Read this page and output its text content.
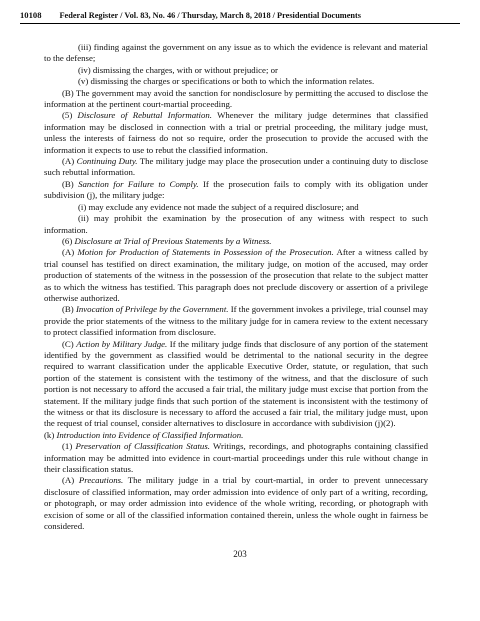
10108 Federal Register / Vol. 83, No. 46 / Thursday, March 8, 2018 / Presidential Documents

(iii) finding against the government on any issue as to which the evidence is relevant and material to the defense;

(iv) dismissing the charges, with or without prejudice; or

(v) dismissing the charges or specifications or both to which the information relates.

(B) The government may avoid the sanction for nondisclosure by permitting the accused to disclose the information at the pertinent court-martial proceeding.

(5) Disclosure of Rebuttal Information. Whenever the military judge determines that classified information may be disclosed in connection with a trial or pretrial proceeding, the military judge must, unless the interests of fairness do not so require, order the prosecution to provide the accused with the information it expects to use to rebut the classified information.

(A) Continuing Duty. The military judge may place the prosecution under a continuing duty to disclose such rebuttal information.

(B) Sanction for Failure to Comply. If the prosecution fails to comply with its obligation under subdivision (j), the military judge:

(i) may exclude any evidence not made the subject of a required disclosure; and

(ii) may prohibit the examination by the prosecution of any witness with respect to such information.

(6) Disclosure at Trial of Previous Statements by a Witness.

(A) Motion for Production of Statements in Possession of the Prosecution. After a witness called by trial counsel has testified on direct examination, the military judge, on motion of the accused, may order production of statements of the witness in the possession of the prosecution that relate to the subject matter as to which the witness has testified. This paragraph does not preclude discovery or assertion of a privilege otherwise authorized.

(B) Invocation of Privilege by the Government. If the government invokes a privilege, trial counsel may provide the prior statements of the witness to the military judge for in camera review to the extent necessary to protect classified information from disclosure.

(C) Action by Military Judge. If the military judge finds that disclosure of any portion of the statement identified by the government as classified would be detrimental to the national security in the degree required to warrant classification under the applicable Executive Order, statute, or regulation, that such portion of the statement is consistent with the testimony of the witness, and that the disclosure of such portion is not necessary to afford the accused a fair trial, the military judge must excise that portion from the statement. If the military judge finds that such portion of the statement is inconsistent with the testimony of the witness or that its disclosure is necessary to afford the accused a fair trial, the military judge must, upon the request of trial counsel, consider alternatives to disclosure in accordance with subdivision (j)(2).

(k) Introduction into Evidence of Classified Information.

(1) Preservation of Classification Status. Writings, recordings, and photographs containing classified information may be admitted into evidence in court-martial proceedings under this rule without change in their classification status.

(A) Precautions. The military judge in a trial by court-martial, in order to prevent unnecessary disclosure of classified information, may order admission into evidence of only part of a writing, recording, or photograph, or may order admission into evidence of the whole writing, recording, or photograph with excision of some or all of the classified information contained therein, unless the whole ought in fairness be considered.

203
